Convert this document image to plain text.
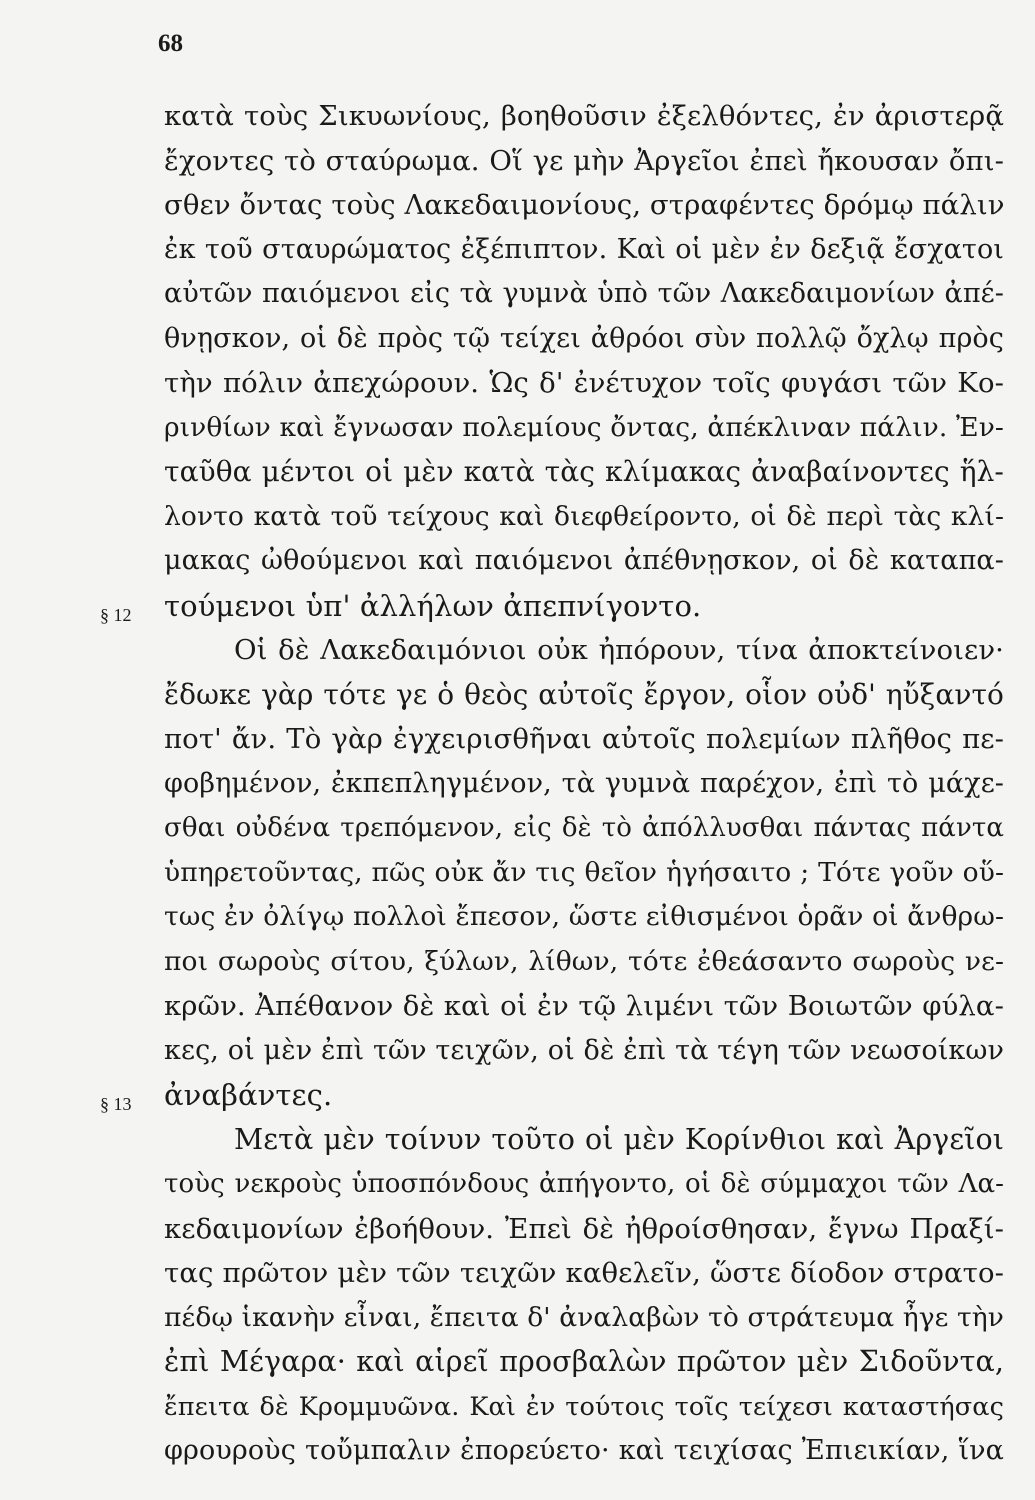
68
§ 12
§ 13
κατὰ τοὺς Σικυωνίους, βοηθοῦσιν ἐξελθόντες, ἐν ἀριστερᾷ
ἔχοντες τὸ σταύρωμα. Οἵ γε μὴν Ἀργεῖοι ἐπεὶ ἤκουσαν ὄπι-
σθεν ὄντας τοὺς Λακεδαιμονίους, στραφέντες δρόμῳ πάλιν
ἐκ τοῦ σταυρώματος ἐξέπιπτον. Καὶ οἱ μὲν ἐν δεξιᾷ ἔσχατοι
αὐτῶν παιόμενοι εἰς τὰ γυμνὰ ὑπὸ τῶν Λακεδαιμονίων ἀπέ-
θνῃσκον, οἱ δὲ πρὸς τῷ τείχει ἀθρόοι σὺν πολλῷ ὄχλῳ πρὸς
τὴν πόλιν ἀπεχώρουν. Ὡς δ' ἐνέτυχον τοῖς φυγάσι τῶν Κο-
ρινθίων καὶ ἔγνωσαν πολεμίους ὄντας, ἀπέκλιναν πάλιν. Ἐν-
ταῦθα μέντοι οἱ μὲν κατὰ τὰς κλίμακας ἀναβαίνοντες ἥλ-
λοντο κατὰ τοῦ τείχους καὶ διεφθείροντο, οἱ δὲ περὶ τὰς κλί-
μακας ὠθούμενοι καὶ παιόμενοι ἀπέθνῃσκον, οἱ δὲ καταπα-
τούμενοι ὑπ' ἀλλήλων ἀπεπνίγοντο.
Οἱ δὲ Λακεδαιμόνιοι οὐκ ἠπόρουν, τίνα ἀποκτείνοιεν·
ἔδωκε γὰρ τότε γε ὁ θεὸς αὐτοῖς ἔργον, οἷον οὐδ' ηὔξαντό
ποτ' ἄν. Τὸ γὰρ ἐγχειρισθῆναι αὐτοῖς πολεμίων πλῆθος πε-
φοβημένον, ἐκπεπληγμένον, τὰ γυμνὰ παρέχον, ἐπὶ τὸ μάχε-
σθαι οὐδένα τρεπόμενον, εἰς δὲ τὸ ἀπόλλυσθαι πάντας πάντα
ὑπηρετοῦντας, πῶς οὐκ ἄν τις θεῖον ἡγήσαιτο ; Τότε γοῦν οὕ-
τως ἐν ὀλίγῳ πολλοὶ ἔπεσον, ὥστε εἰθισμένοι ὁρᾶν οἱ ἄνθρω-
ποι σωροὺς σίτου, ξύλων, λίθων, τότε ἐθεάσαντο σωροὺς νε-
κρῶν. Ἀπέθανον δὲ καὶ οἱ ἐν τῷ λιμένι τῶν Βοιωτῶν φύλα-
κες, οἱ μὲν ἐπὶ τῶν τειχῶν, οἱ δὲ ἐπὶ τὰ τέγη τῶν νεωσοίκων
ἀναβάντες.
Μετὰ μὲν τοίνυν τοῦτο οἱ μὲν Κορίνθιοι καὶ Ἀργεῖοι
τοὺς νεκροὺς ὑποσπόνδους ἀπήγοντο, οἱ δὲ σύμμαχοι τῶν Λα-
κεδαιμονίων ἐβοήθουν. Ἐπεὶ δὲ ἠθροίσθησαν, ἔγνω Πραξί-
τας πρῶτον μὲν τῶν τειχῶν καθελεῖν, ὥστε δίοδον στρατο-
πέδῳ ἱκανὴν εἶναι, ἔπειτα δ' ἀναλαβὼν τὸ στράτευμα ἦγε τὴν
ἐπὶ Μέγαρα· καὶ αἱρεῖ προσβαλὼν πρῶτον μὲν Σιδοῦντα,
ἔπειτα δὲ Κρομμυῶνα. Καὶ ἐν τούτοις τοῖς τείχεσι καταστήσας
φρουροὺς τοὔμπαλιν ἐπορεύετο· καὶ τειχίσας Ἐπιεικίαν, ἵνα
